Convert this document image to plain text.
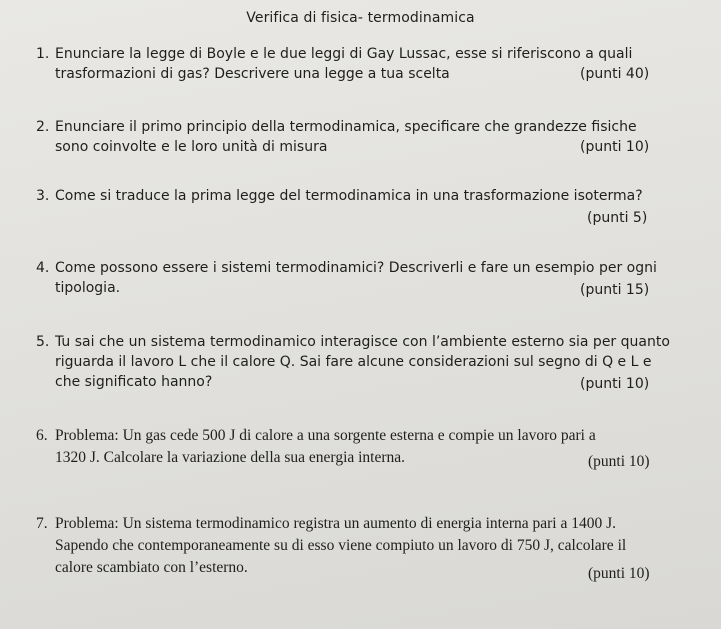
Verifica di fisica- termodinamica
1. Enunciare la legge di Boyle e le due leggi di Gay Lussac, esse si riferiscono a quali
trasformazioni di gas? Descrivere una legge a tua scelta	(punti 40)
2. Enunciare il primo principio della termodinamica, specificare che grandezze fisiche
sono coinvolte e le loro unità di misura	(punti 10)
3. Come si traduce la prima legge del termodinamica in una trasformazione isoterma?
(punti 5)
4. Come possono essere i sistemi termodinamici? Descriverli e fare un esempio per ogni
tipologia.	(punti 15)
5. Tu sai che un sistema termodinamico interagisce con l’ambiente esterno sia per quanto
riguarda il lavoro L che il calore Q. Sai fare alcune considerazioni sul segno di Q e L e
che significato hanno?	(punti 10)
6. Problema: Un gas cede 500 J di calore a una sorgente esterna e compie un lavoro pari a
1320 J. Calcolare la variazione della sua energia interna.	(punti 10)
7. Problema: Un sistema termodinamico registra un aumento di energia interna pari a 1400 J.
Sapendo che contemporaneamente su di esso viene compiuto un lavoro di 750 J, calcolare il
calore scambiato con l’esterno.	(punti 10)
